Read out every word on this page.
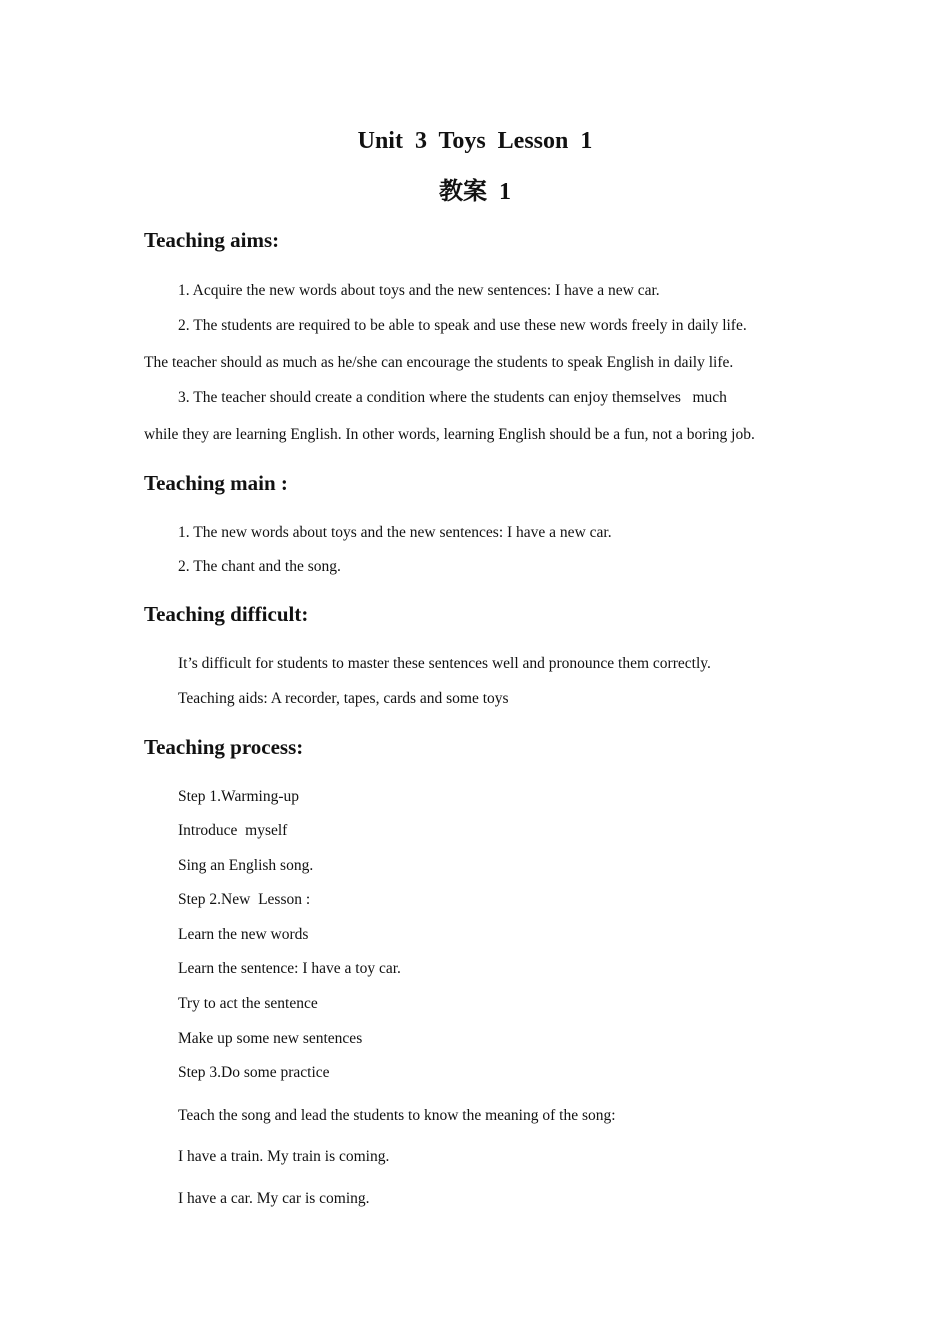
Unit  3  Toys  Lesson  1
教案  1
Teaching aims:
1. Acquire the new words about toys and the new sentences: I have a new car.
2. The students are required to be able to speak and use these new words freely in daily life.
The teacher should as much as he/she can encourage the students to speak English in daily life.
3. The teacher should create a condition where the students can enjoy themselves   much
while they are learning English. In other words, learning English should be a fun, not a boring job.
Teaching main :
1. The new words about toys and the new sentences: I have a new car.
2. The chant and the song.
Teaching difficult:
It’s difficult for students to master these sentences well and pronounce them correctly.
Teaching aids: A recorder, tapes, cards and some toys
Teaching process:
Step 1.Warming-up
Introduce  myself
Sing an English song.
Step 2.New  Lesson :
Learn the new words
Learn the sentence: I have a toy car.
Try to act the sentence
Make up some new sentences
Step 3.Do some practice
Teach the song and lead the students to know the meaning of the song:
I have a train. My train is coming.
I have a car. My car is coming.
